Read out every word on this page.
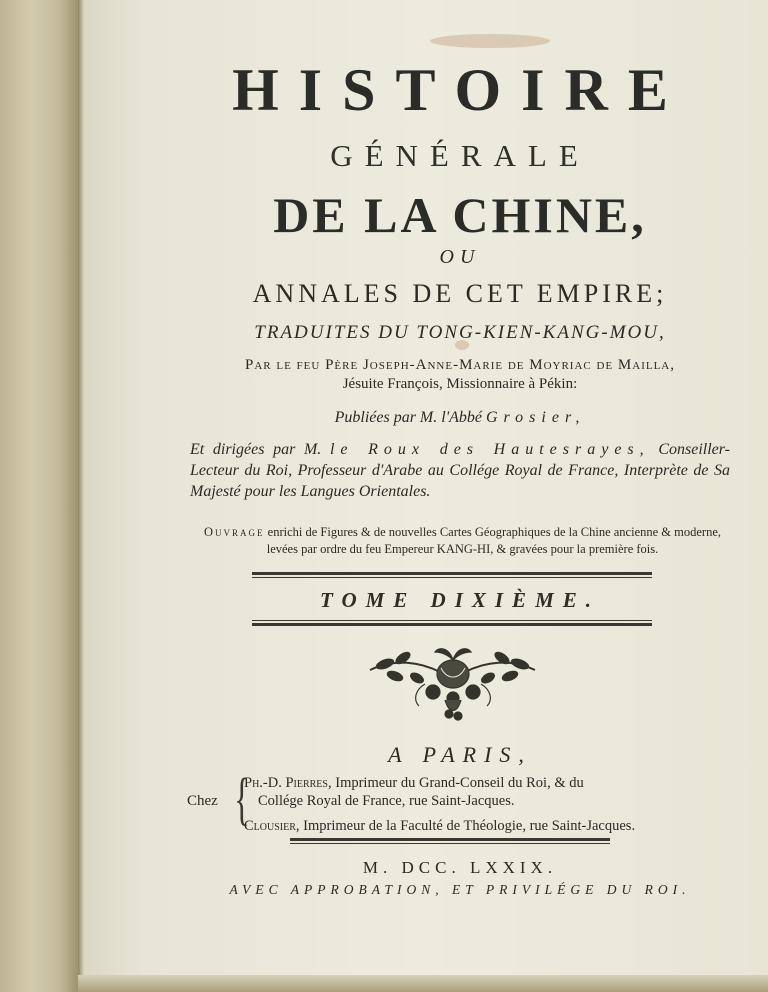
HISTOIRE

GÉNÉRALE

DE LA CHINE,

OU

ANNALES DE CET EMPIRE;

TRADUITES DU TONG-KIEN-KANG-MOU,

Par le feu Père Joseph-Anne-Marie de Moyriac de Mailla,
Jésuite François, Missionnaire à Pékin:

Publiées par M. l'Abbé Grosier,

Et dirigées par M. le Roux des Hautesrayes, Conseiller-Lecteur du Roi, Professeur d'Arabe au Collége Royal de France, Interprète de Sa Majesté pour les Langues Orientales.

Ouvrage enrichi de Figures & de nouvelles Cartes Géographiques de la Chine ancienne & moderne, levées par ordre du feu Empereur KANG-HI, & gravées pour la première fois.

TOME DIXIÈME.

A PARIS,

Chez {
Ph.-D. Pierres, Imprimeur du Grand-Conseil du Roi, & du
Collége Royal de France, rue Saint-Jacques.
Clousier, Imprimeur de la Faculté de Théologie, rue Saint-Jacques.

M. DCC. LXXIX.

AVEC APPROBATION, ET PRIVILÉGE DU ROI.
